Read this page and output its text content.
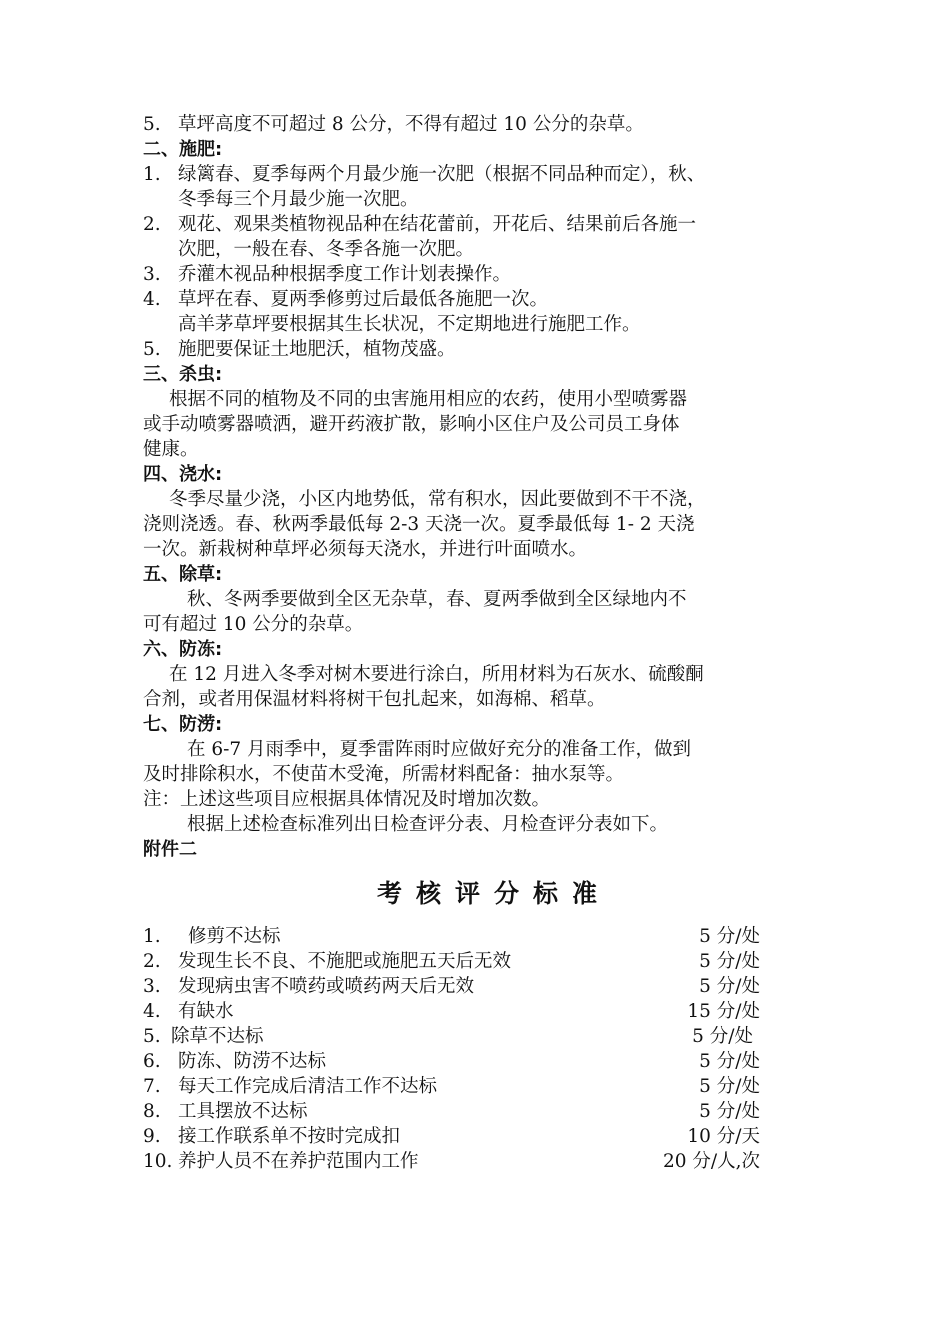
5. 草坪高度不可超过 8 公分，不得有超过 10 公分的杂草。
二、施肥:
1. 绿篱春、夏季每两个月最少施一次肥（根据不同品种而定），秋、
冬季每三个月最少施一次肥。
2. 观花、观果类植物视品种在结花蕾前，开花后、结果前后各施一
次肥，一般在春、冬季各施一次肥。
3. 乔灌木视品种根据季度工作计划表操作。
4. 草坪在春、夏两季修剪过后最低各施肥一次。
高羊茅草坪要根据其生长状况，不定期地进行施肥工作。
5. 施肥要保证土地肥沃，植物茂盛。
三、杀虫:
根据不同的植物及不同的虫害施用相应的农药，使用小型喷雾器
或手动喷雾器喷洒，避开药液扩散，影响小区住户及公司员工身体
健康。
四、浇水:
冬季尽量少浇，小区内地势低，常有积水，因此要做到不干不浇，
浇则浇透。春、秋两季最低每 2-3 天浇一次。夏季最低每 1- 2 天浇
一次。新栽树种草坪必须每天浇水，并进行叶面喷水。
五、除草:
秋、冬两季要做到全区无杂草，春、夏两季做到全区绿地内不
可有超过 10 公分的杂草。
六、防冻:
在 12 月进入冬季对树木要进行涂白，所用材料为石灰水、硫酸酮
合剂，或者用保温材料将树干包扎起来，如海棉、稻草。
七、防涝:
在 6-7 月雨季中，夏季雷阵雨时应做好充分的准备工作，做到
及时排除积水，不使苗木受淹，所需材料配备：抽水泵等。
注：上述这些项目应根据具体情况及时增加次数。
根据上述检查标准列出日检查评分表、月检查评分表如下。
附件二
考核评分标准
1.	修剪不达标	5 分/处
2. 发现生长不良、不施肥或施肥五天后无效	5 分/处
3. 发现病虫害不喷药或喷药两天后无效	5 分/处
4. 有缺水	15 分/处
5. 除草不达标	5 分/处
6. 防冻、防涝不达标	5 分/处
7. 每天工作完成后清洁工作不达标	5 分/处
8. 工具摆放不达标	5 分/处
9. 接工作联系单不按时完成扣	10 分/天
10. 养护人员不在养护范围内工作	20 分/人,次
